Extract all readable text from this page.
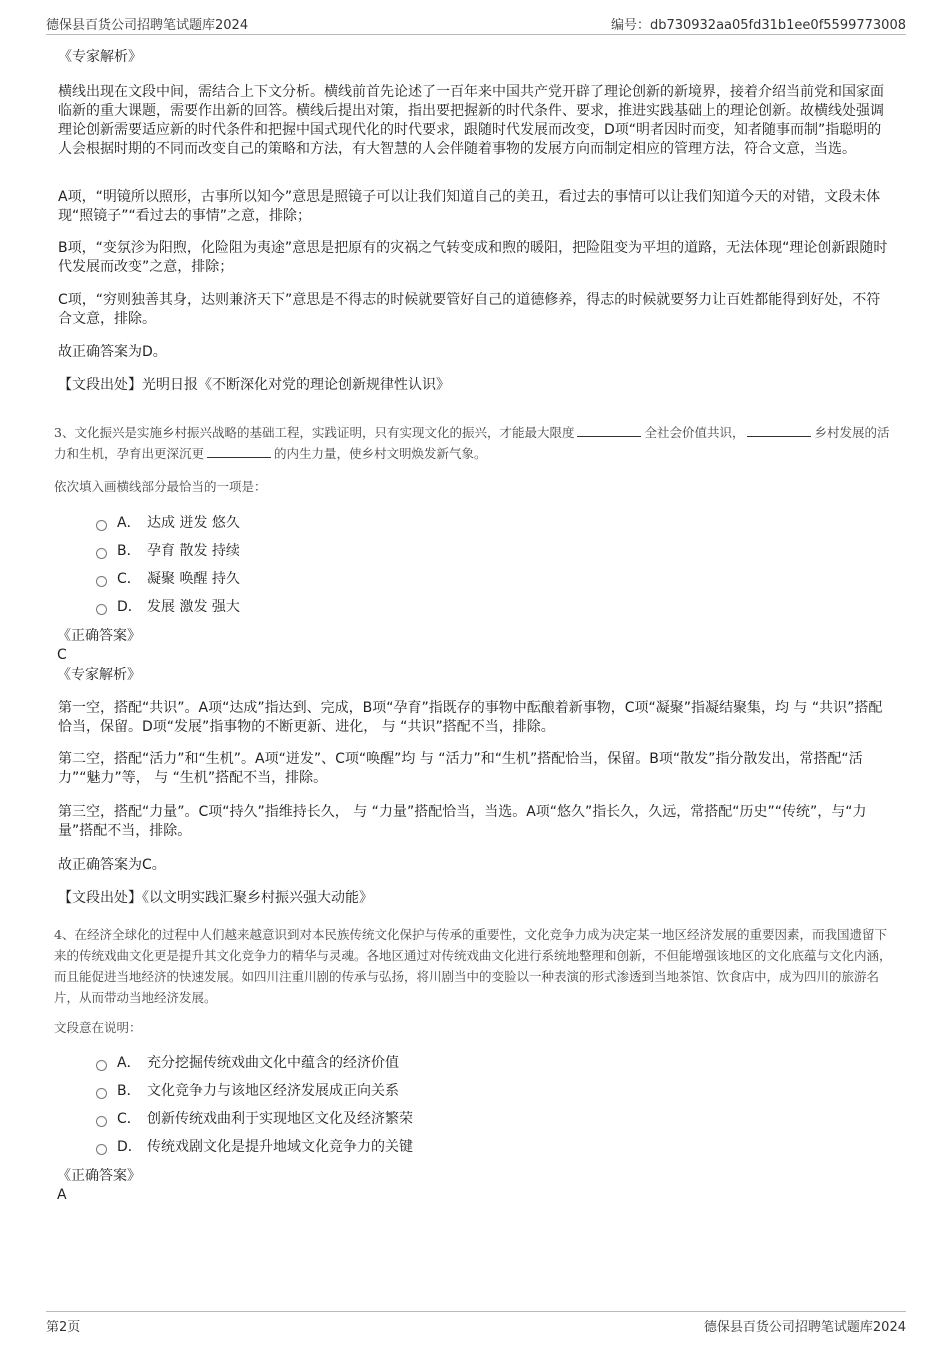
德保县百货公司招聘笔试题库2024	编号：db730932aa05fd31b1ee0f5599773008
《专家解析》
横线出现在文段中间，需结合上下文分析。横线前首先论述了一百年来中国共产党开辟了理论创新的新境界，接着介绍当前党和国家面临新的重大课题，需要作出新的回答。横线后提出对策，指出要把握新的时代条件、要求，推进实践基础上的理论创新。故横线处强调理论创新需要适应新的时代条件和把握中国式现代化的时代要求，跟随时代发展而改变，D项“明者因时而变，知者随事而制”指聪明的人会根据时期的不同而改变自己的策略和方法，有大智慧的人会伴随着事物的发展方向而制定相应的管理方法，符合文意，当选。
A项，“明镜所以照形，古事所以知今”意思是照镜子可以让我们知道自己的美丑，看过去的事情可以让我们知道今天的对错，文段未体现“照镜子”“看过去的事情”之意，排除；
B项，“变氛沴为阳煦，化险阻为夷途”意思是把原有的灾祸之气转变成和煦的暖阳，把险阻变为平坦的道路，无法体现“理论创新跟随时代发展而改变”之意，排除；
C项，“穷则独善其身，达则兼济天下”意思是不得志的时候就要管好自己的道德修养，得志的时候就要努力让百姓都能得到好处，不符合文意，排除。
故正确答案为D。
【文段出处】光明日报《不断深化对党的理论创新规律性认识》
3、文化振兴是实施乡村振兴战略的基础工程，实践证明，只有实现文化的振兴，才能最大限度	全社会价值共识，	乡村发展的活力和生机，孕育出更深沉更	的内生力量，使乡村文明焕发新气象。
依次填入画横线部分最恰当的一项是：
A． 达成 迸发 悠久
B． 孕育 散发 持续
C． 凝聚 唤醒 持久
D． 发展 激发 强大
《正确答案》
C
《专家解析》
第一空，搭配“共识”。A项“达成”指达到、完成，B项“孕育”指既存的事物中酝酿着新事物，C项“凝聚”指凝结聚集，均 与 “共识”搭配恰当，保留。D项“发展”指事物的不断更新、进化， 与 “共识”搭配不当，排除。
第二空，搭配“活力”和“生机”。A项“迸发”、C项“唤醒”均 与 “活力”和“生机”搭配恰当，保留。B项“散发”指分散发出，常搭配“活力”“魅力”等， 与 “生机”搭配不当，排除。
第三空，搭配“力量”。C项“持久”指维持长久， 与 “力量”搭配恰当，当选。A项“悠久”指长久，久远，常搭配“历史”“传统”，与“力量”搭配不当，排除。
故正确答案为C。
【文段出处】《以文明实践汇聚乡村振兴强大动能》
4、在经济全球化的过程中人们越来越意识到对本民族传统文化保护与传承的重要性，文化竞争力成为决定某一地区经济发展的重要因素，而我国遗留下来的传统戏曲文化更是提升其文化竞争力的精华与灵魂。各地区通过对传统戏曲文化进行系统地整理和创新，不但能增强该地区的文化底蕴与文化内涵，而且能促进当地经济的快速发展。如四川注重川剧的传承与弘扬，将川剧当中的变脸以一种表演的形式渗透到当地茶馆、饮食店中，成为四川的旅游名片，从而带动当地经济发展。
文段意在说明：
A． 充分挖掘传统戏曲文化中蕴含的经济价值
B． 文化竞争力与该地区经济发展成正向关系
C． 创新传统戏曲利于实现地区文化及经济繁荣
D． 传统戏剧文化是提升地域文化竞争力的关键
《正确答案》
A
第2页	德保县百货公司招聘笔试题库2024
